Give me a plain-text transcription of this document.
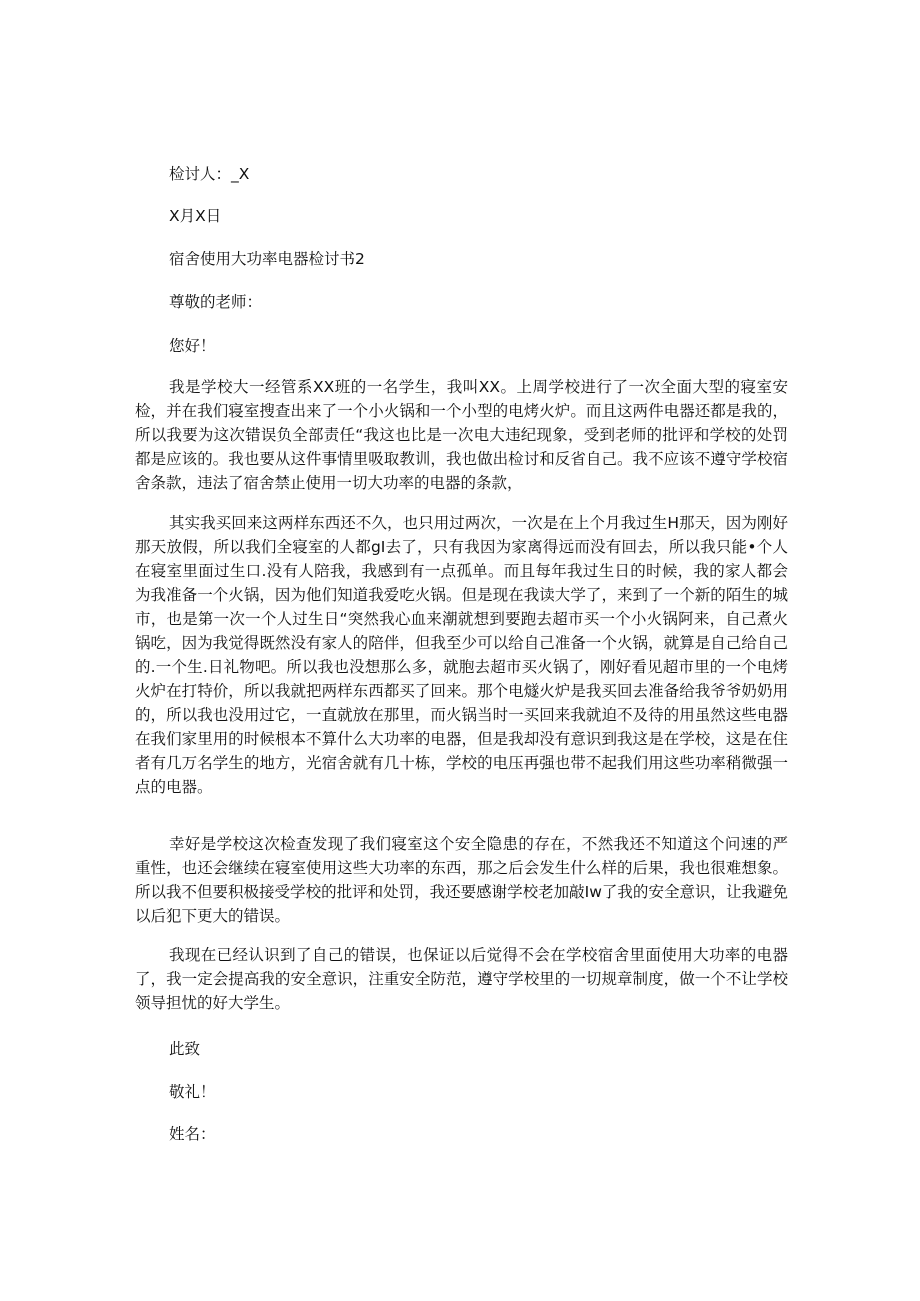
检讨人：_X
X月X日
宿舍使用大功率电器检讨书2
尊敬的老师：
您好！

我是学校大一经管系XX班的一名学生，我叫XX。上周学校进行了一次全面大型的寝室安检，并在我们寝室搜查出来了一个小火锅和一个小型的电烤火炉。而且这两件电器还都是我的，所以我要为这次错误负全部责任“我这也比是一次电大违纪现象，受到老师的批评和学校的处罚都是应该的。我也要从这件事情里吸取教训，我也做出检讨和反省自己。我不应该不遵守学校宿舍条款，违法了宿舍禁止使用一切大功率的电器的条款，

其实我买回来这两样东西还不久，也只用过两次，一次是在上个月我过生H那天，因为刚好那天放假，所以我们全寝室的人都gI去了，只有我因为家离得远而没有回去，所以我只能•个人在寝室里面过生口.没有人陪我，我感到有一点孤单。而且每年我过生日的时候，我的家人都会为我准备一个火锅，因为他们知道我爱吃火锅。但是现在我读大学了，来到了一个新的陌生的城市，也是第一次一个人过生日“突然我心血来潮就想到要跑去超市买一个小火锅阿来，自己煮火锅吃，因为我觉得既然没有家人的陪伴，但我至少可以给自己准备一个火锅，就算是自己给自己的.一个生.日礼物吧。所以我也没想那么多，就胞去超市买火锅了，刚好看见超市里的一个电烤火炉在打特价，所以我就把两样东西都买了回来。那个电燧火炉是我买回去准备给我爷爷奶奶用的，所以我也没用过它，一直就放在那里，而火锅当时一买回来我就迫不及待的用虽然这些电器在我们家里用的时候根本不算什么大功率的电器，但是我却没有意识到我这是在学校，这是在住者有几万名学生的地方，光宿舍就有几十栋，学校的电压再强也带不起我们用这些功率稍微强一点的电器。

幸好是学校这次检查发现了我们寝室这个安全隐患的存在，不然我还不知道这个问速的严重性，也还会继续在寝室使用这些大功率的东西，那之后会发生什么样的后果，我也很难想象。所以我不但要积极接受学校的批评和处罚，我还要感谢学校老加敲Iw了我的安全意识，让我避免以后犯下更大的错误。

我现在已经认识到了自己的错误，也保证以后觉得不会在学校宿舍里面使用大功率的电器了，我一定会提高我的安全意识，注重安全防范，遵守学校里的一切规章制度，做一个不让学校领导担忧的好大学生。

此致
敬礼！
姓名：
